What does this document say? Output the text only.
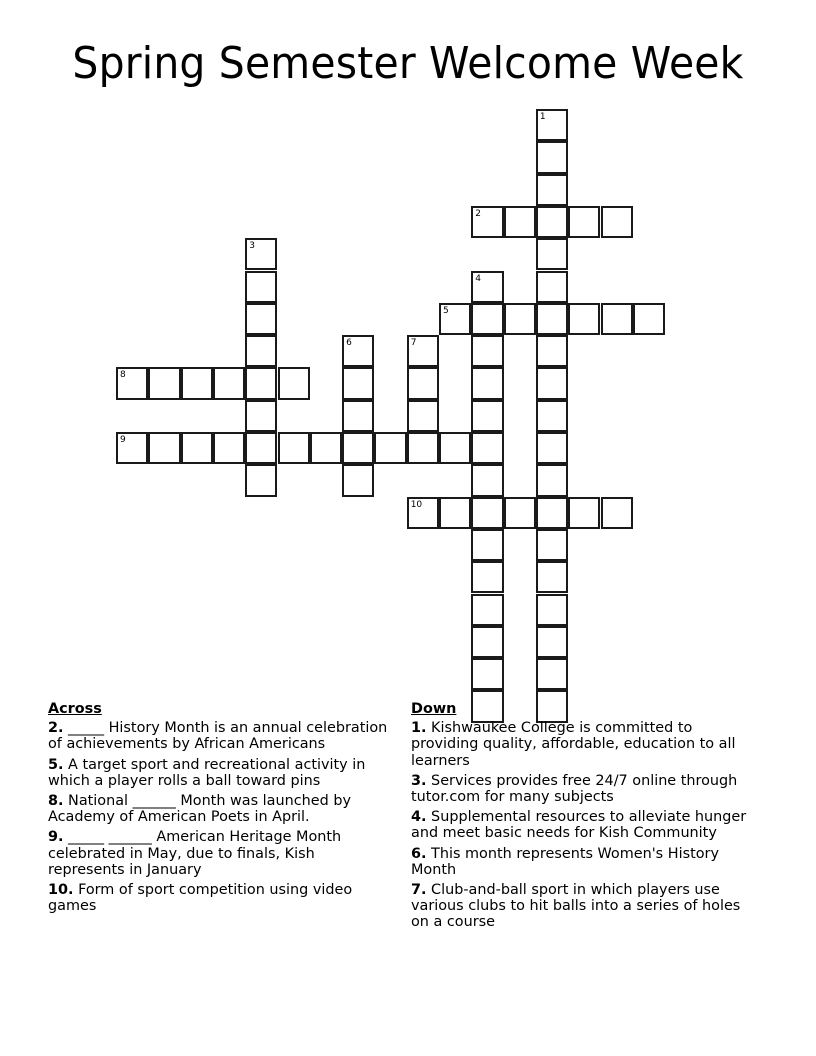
Spring Semester Welcome Week
1
2
3
4
5
6	7
8
9
10
Across
2. _____ History Month is an annual celebration of achievements by African Americans
5. A target sport and recreational activity in which a player rolls a ball toward pins
8. National ______ Month was launched by Academy of American Poets in April.
9. _____ ______ American Heritage Month celebrated in May, due to finals, Kish represents in January
10. Form of sport competition using video games
Down
1. Kishwaukee College is committed to providing quality, affordable, education to all learners
3. Services provides free 24/7 online through tutor.com for many subjects
4. Supplemental resources to alleviate hunger and meet basic needs for Kish Community
6. This month represents Women's History Month
7. Club-and-ball sport in which players use various clubs to hit balls into a series of holes on a course
